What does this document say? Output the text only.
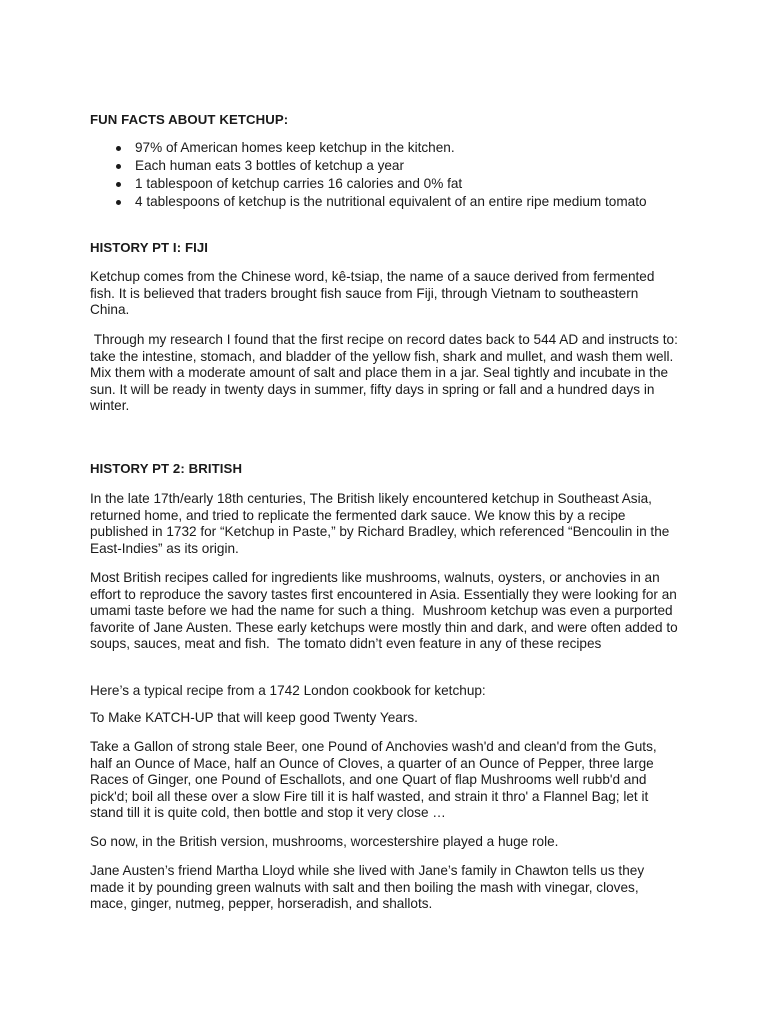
FUN FACTS ABOUT KETCHUP:
97% of American homes keep ketchup in the kitchen.
Each human eats 3 bottles of ketchup a year
1 tablespoon of ketchup carries 16 calories and 0% fat
4 tablespoons of ketchup is the nutritional equivalent of an entire ripe medium tomato
HISTORY PT I: FIJI

Ketchup comes from the Chinese word, kê-tsiap, the name of a sauce derived from fermented fish. It is believed that traders brought fish sauce from Fiji, through Vietnam to southeastern China.

Through my research I found that the first recipe on record dates back to 544 AD and instructs to: take the intestine, stomach, and bladder of the yellow fish, shark and mullet, and wash them well. Mix them with a moderate amount of salt and place them in a jar. Seal tightly and incubate in the sun. It will be ready in twenty days in summer, fifty days in spring or fall and a hundred days in winter.

HISTORY PT 2: BRITISH

In the late 17th/early 18th centuries, The British likely encountered ketchup in Southeast Asia, returned home, and tried to replicate the fermented dark sauce. We know this by a recipe published in 1732 for “Ketchup in Paste,” by Richard Bradley, which referenced “Bencoulin in the East-Indies” as its origin.

Most British recipes called for ingredients like mushrooms, walnuts, oysters, or anchovies in an effort to reproduce the savory tastes first encountered in Asia. Essentially they were looking for an umami taste before we had the name for such a thing.  Mushroom ketchup was even a purported favorite of Jane Austen. These early ketchups were mostly thin and dark, and were often added to soups, sauces, meat and fish.  The tomato didn’t even feature in any of these recipes

Here’s a typical recipe from a 1742 London cookbook for ketchup:

To Make KATCH-UP that will keep good Twenty Years.

Take a Gallon of strong stale Beer, one Pound of Anchovies wash'd and clean'd from the Guts, half an Ounce of Mace, half an Ounce of Cloves, a quarter of an Ounce of Pepper, three large Races of Ginger, one Pound of Eschallots, and one Quart of flap Mushrooms well rubb'd and pick'd; boil all these over a slow Fire till it is half wasted, and strain it thro' a Flannel Bag; let it stand till it is quite cold, then bottle and stop it very close …

So now, in the British version, mushrooms, worcestershire played a huge role.

Jane Austen’s friend Martha Lloyd while she lived with Jane’s family in Chawton tells us they made it by pounding green walnuts with salt and then boiling the mash with vinegar, cloves, mace, ginger, nutmeg, pepper, horseradish, and shallots.
